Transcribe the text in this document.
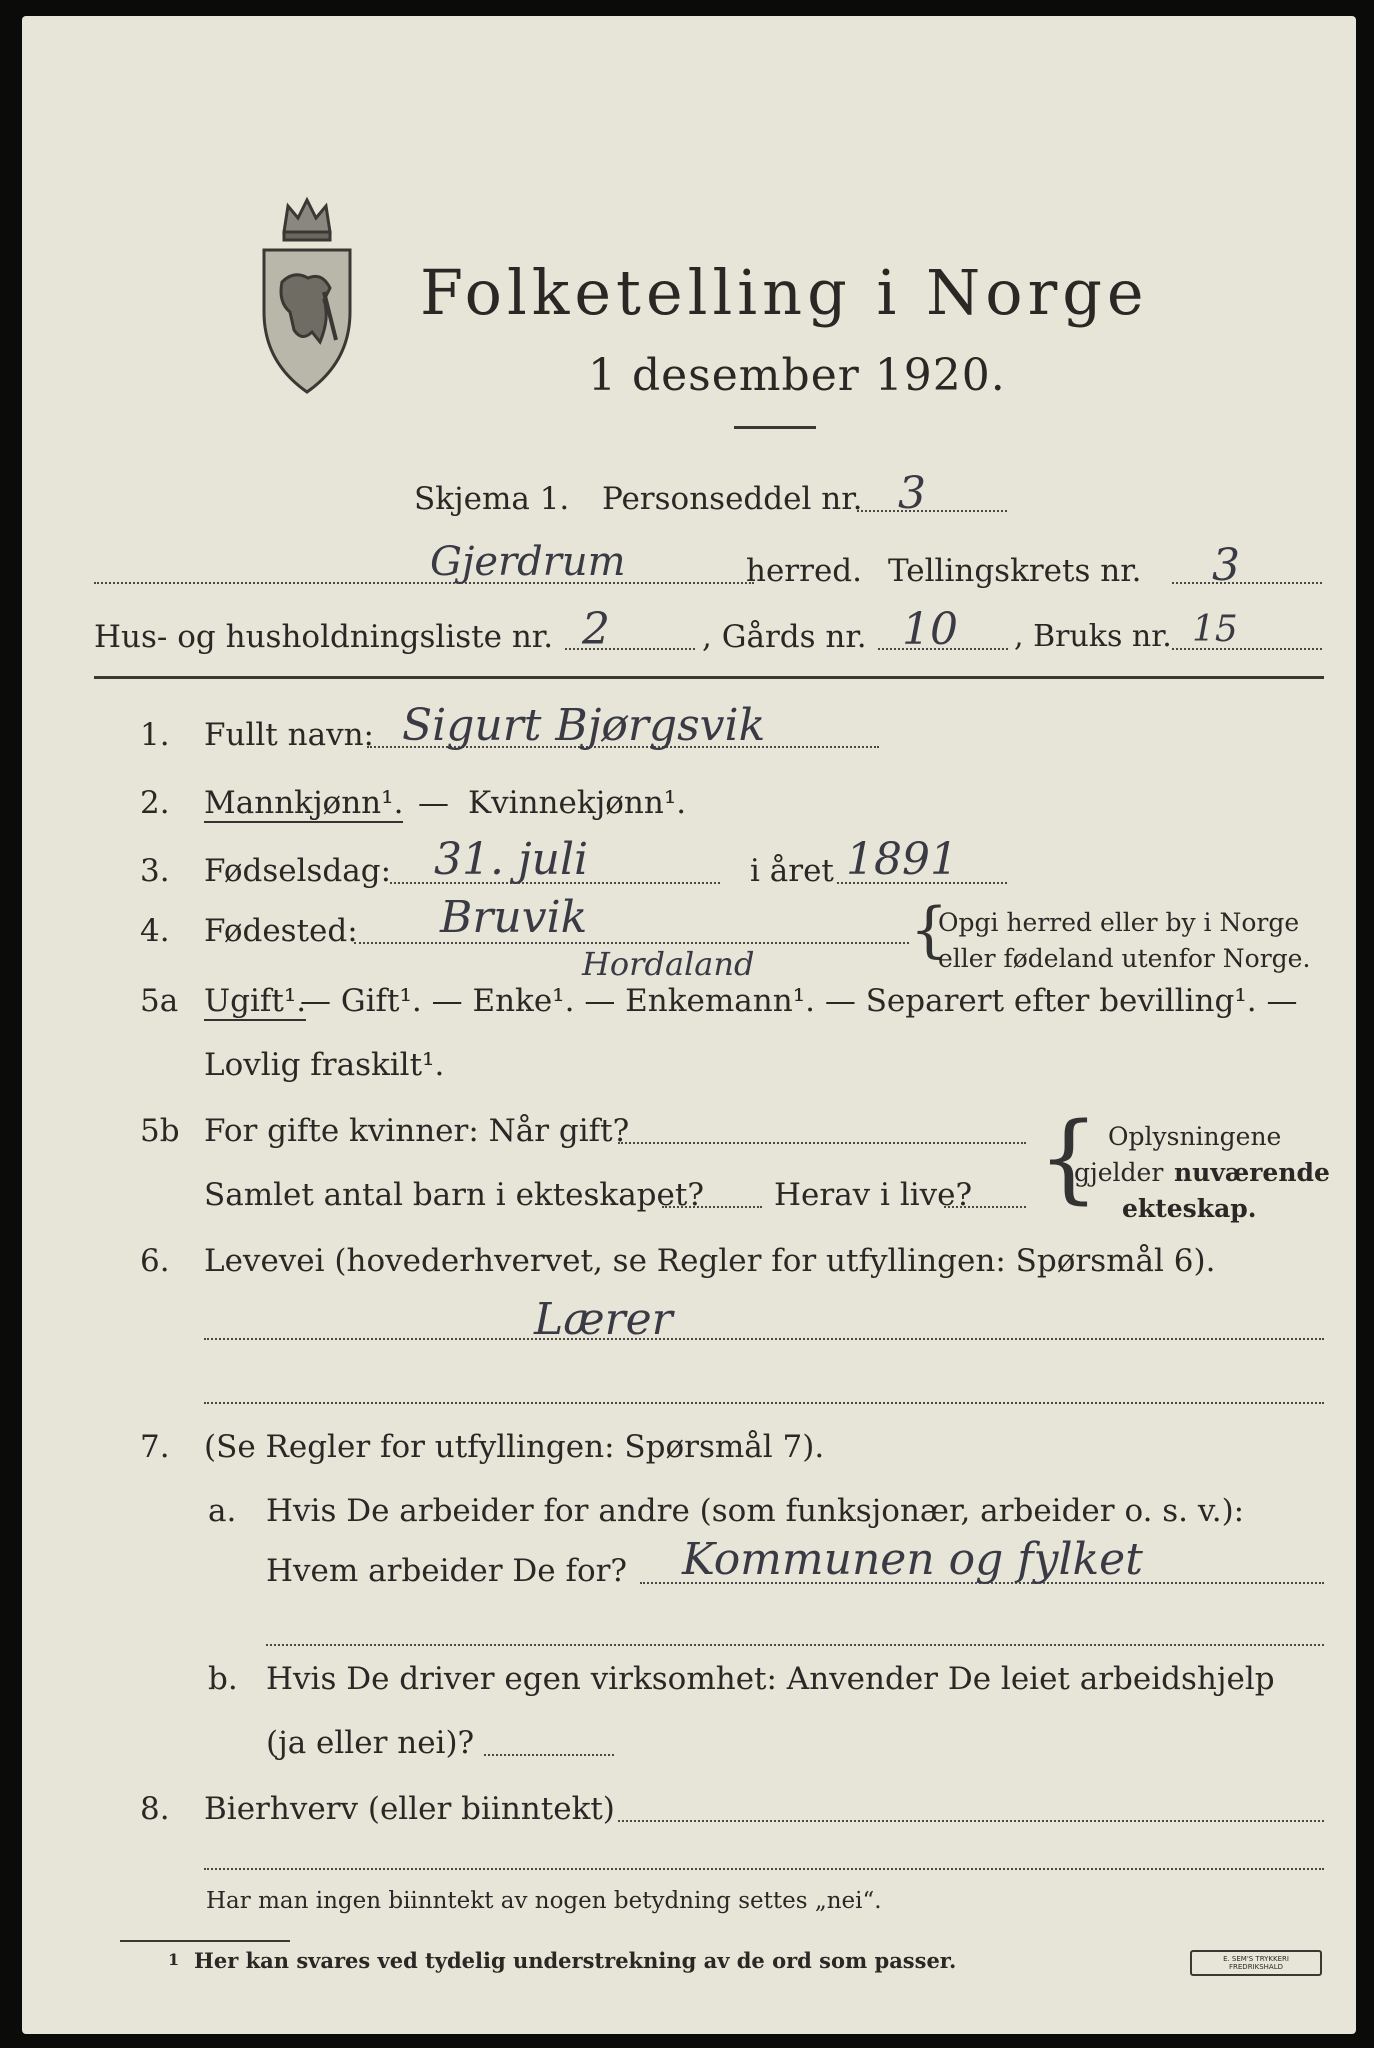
Folketelling i Norge
1 desember 1920.
Skjema 1. Personseddel nr. 3
Gjerdrum	herred. Tellingskrets nr. 3
Hus- og husholdningsliste nr. 2	, Gårds nr. 10 , Bruks nr. 15
1. Fullt navn: Sigurt Bjørgsvik
2. Mannkjønn¹. — Kvinnekjønn¹.
3. Fødselsdag: 31. juli	i året 1891
4. Fødested: Bruvik
Hordaland	{
Opgi herred eller by i Norge
eller fødeland utenfor Norge.
5a Ugift¹.
— Gift¹. — Enke¹. — Enkemann¹. — Separert efter bevilling¹. —
Lovlig fraskilt¹.
5b For gifte kvinner: Når gift?
Samlet antal barn i ekteskapet? Herav i live? { Oplysningene
gjelder nuværende
ekteskap.
6. Levevei (hovederhvervet, se Regler for utfyllingen: Spørsmål 6).
Lærer
7. (Se Regler for utfyllingen: Spørsmål 7).
a. Hvis De arbeider for andre (som funksjonær, arbeider o. s. v.):
Hvem arbeider De for? Kommunen og fylket
b. Hvis De driver egen virksomhet: Anvender De leiet arbeidshjelp
(ja eller nei)?
8. Bierhverv (eller biinntekt)
Har man ingen biinntekt av nogen betydning settes „nei“.
1 Her kan svares ved tydelig understrekning av de ord som passer.	E. SEM'S TRYKKERI FREDRIKSHALD
